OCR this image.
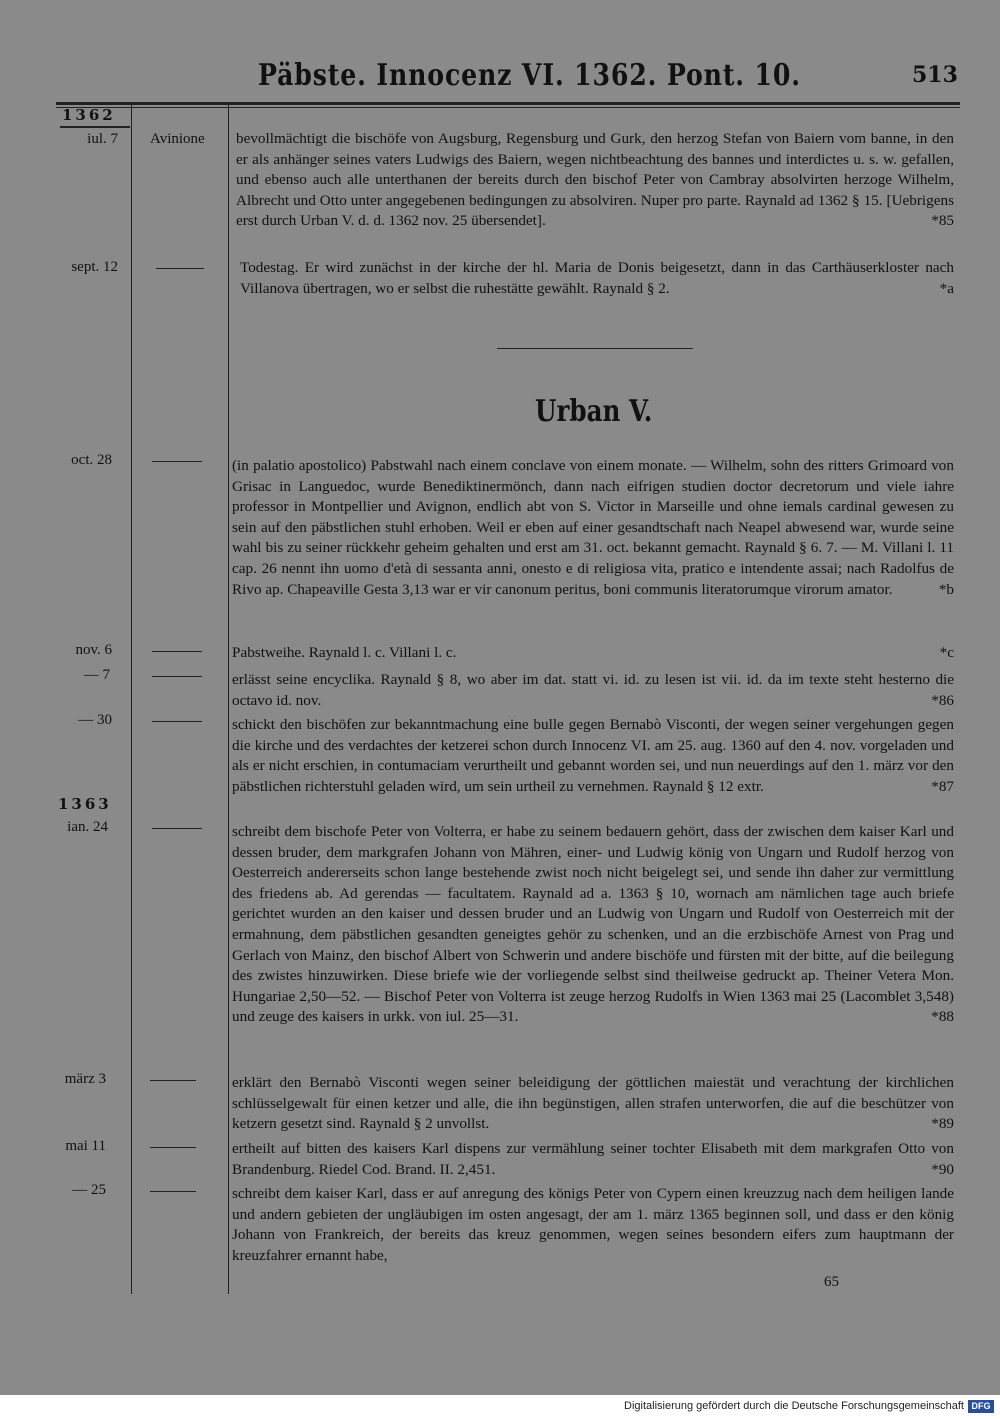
Päbste. Innocenz VI. 1362. Pont. 10.	513
1362
iul. 7 Avinione bevollmächtigt die bischöfe von Augsburg, Regensburg und Gurk, den herzog Stefan von Baiern vom banne, in den er als anhänger seines vaters Ludwigs des Baiern, wegen nichtbeachtung des bannes und interdictes u. s. w. gefallen, und ebenso auch alle unterthanen der bereits durch den bischof Peter von Cambray absolvirten herzoge Wilhelm, Albrecht und Otto unter angegebenen bedingungen zu absolviren. Nuper pro parte. Raynald ad 1362 § 15. [Uebrigens erst durch Urban V. d. d. 1362 nov. 25 übersendet].	*85
sept. 12	Todestag. Er wird zunächst in der kirche der hl. Maria de Donis beigesetzt, dann in das Carthäuserkloster nach Villanova übertragen, wo er selbst die ruhestätte gewählt. Raynald § 2.	*a
Urban V.
oct. 28	(in palatio apostolico) Pabstwahl nach einem conclave von einem monate. — Wilhelm, sohn des ritters Grimoard von Grisac in Languedoc, wurde Benediktinermönch, dann nach eifrigen studien doctor decretorum und viele iahre professor in Montpellier und Avignon, endlich abt von S. Victor in Marseille und ohne iemals cardinal gewesen zu sein auf den päbstlichen stuhl erhoben. Weil er eben auf einer gesandtschaft nach Neapel abwesend war, wurde seine wahl bis zu seiner rückkehr geheim gehalten und erst am 31. oct. bekannt gemacht. Raynald § 6. 7. — M. Villani l. 11 cap. 26 nennt ihn uomo d'età di sessanta anni, onesto e di religiosa vita, pratico e intendente assai; nach Radolfus de Rivo ap. Chapeaville Gesta 3,13 war er vir canonum peritus, boni communis literatorumque virorum amator.	*b
nov. 6	Pabstweihe. Raynald l. c. Villani l. c.	*c
— 7	erlässt seine encyclika. Raynald § 8, wo aber im dat. statt vi. id. zu lesen ist vii. id. da im texte steht hesterno die octavo id. nov.	*86
— 30	schickt den bischöfen zur bekanntmachung eine bulle gegen Bernabò Visconti, der wegen seiner vergehungen gegen die kirche und des verdachtes der ketzerei schon durch Innocenz VI. am 25. aug. 1360 auf den 4. nov. vorgeladen und als er nicht erschien, in contumaciam verurtheilt und gebannt worden sei, und nun neuerdings auf den 1. märz vor den päbstlichen richterstuhl geladen wird, um sein urtheil zu vernehmen. Raynald § 12 extr.	*87
1363
ian. 24	schreibt dem bischofe Peter von Volterra, er habe zu seinem bedauern gehört, dass der zwischen dem kaiser Karl und dessen bruder, dem markgrafen Johann von Mähren, einer- und Ludwig könig von Ungarn und Rudolf herzog von Oesterreich andererseits schon lange bestehende zwist noch nicht beigelegt sei, und sende ihn daher zur vermittlung des friedens ab. Ad gerendas — facultatem. Raynald ad a. 1363 § 10, wornach am nämlichen tage auch briefe gerichtet wurden an den kaiser und dessen bruder und an Ludwig von Ungarn und Rudolf von Oesterreich mit der ermahnung, dem päbstlichen gesandten geneigtes gehör zu schenken, und an die erzbischöfe Arnest von Prag und Gerlach von Mainz, den bischof Albert von Schwerin und andere bischöfe und fürsten mit der bitte, auf die beilegung des zwistes hinzuwirken. Diese briefe wie der vorliegende selbst sind theilweise gedruckt ap. Theiner Vetera Mon. Hungariae 2,50—52. — Bischof Peter von Volterra ist zeuge herzog Rudolfs in Wien 1363 mai 25 (Lacomblet 3,548) und zeuge des kaisers in urkk. von iul. 25—31.	*88
märz 3	erklärt den Bernabò Visconti wegen seiner beleidigung der göttlichen maiestät und verachtung der kirchlichen schlüsselgewalt für einen ketzer und alle, die ihn begünstigen, allen strafen unterworfen, die auf die beschützer von ketzern gesetzt sind. Raynald § 2 unvollst.	*89
mai 11	ertheilt auf bitten des kaisers Karl dispens zur vermählung seiner tochter Elisabeth mit dem markgrafen Otto von Brandenburg. Riedel Cod. Brand. II. 2,451.	*90
— 25	schreibt dem kaiser Karl, dass er auf anregung des königs Peter von Cypern einen kreuzzug nach dem heiligen lande und andern gebieten der ungläubigen im osten angesagt, der am 1. märz 1365 beginnen soll, und dass er den könig Johann von Frankreich, der bereits das kreuz genommen, wegen seines besondern eifers zum hauptmann der kreuzfahrer ernannt habe,
65
Digitalisierung gefördert durch die Deutsche Forschungsgemeinschaft DFG
